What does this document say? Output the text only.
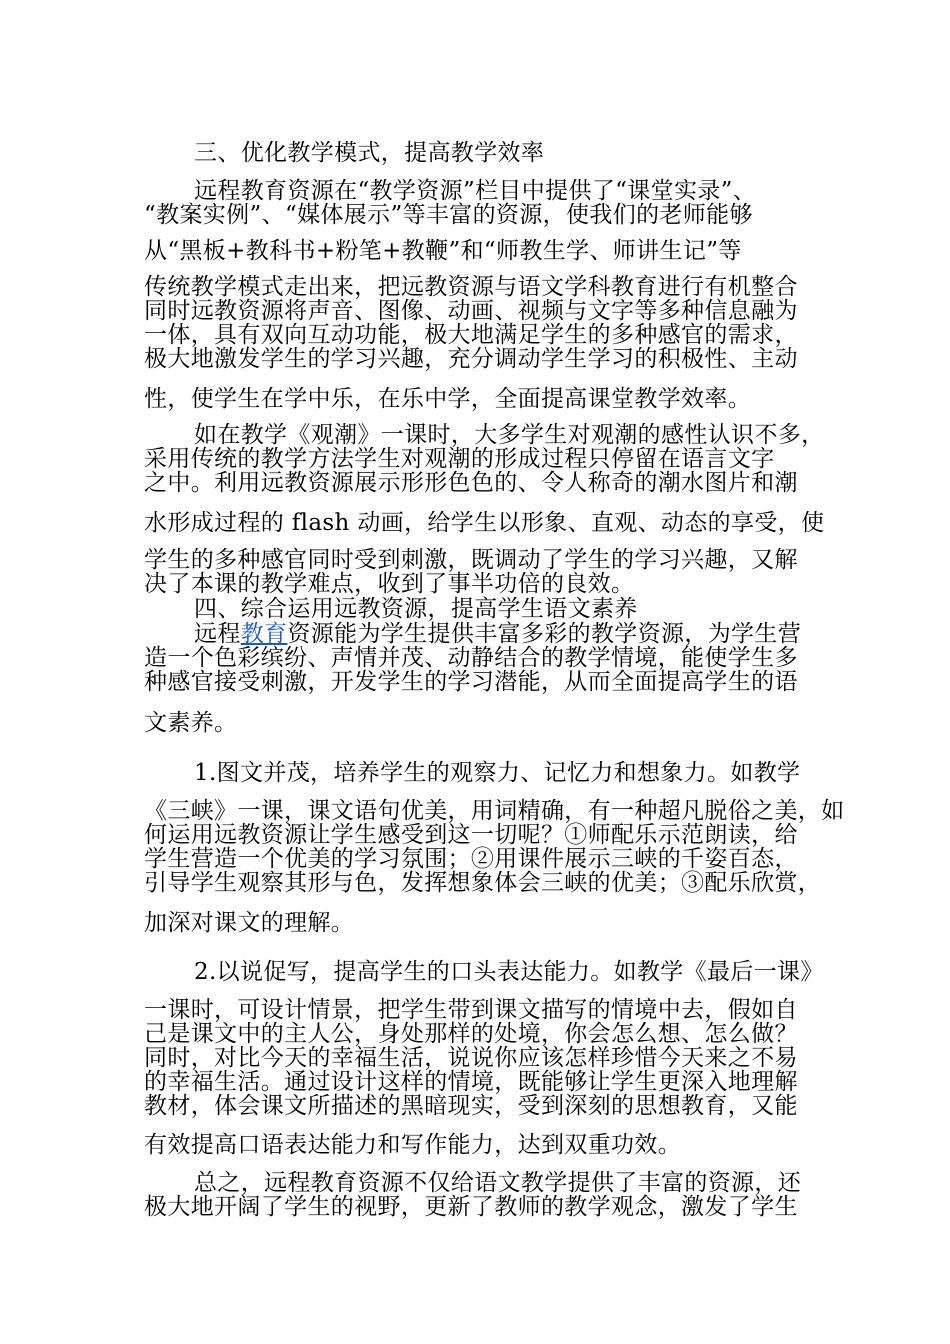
三、优化教学模式，提高教学效率
远程教育资源在“教学资源”栏目中提供了“课堂实录”、
“教案实例”、“媒体展示”等丰富的资源，使我们的老师能够
从“黑板+教科书+粉笔+教鞭”和“师教生学、师讲生记”等
传统教学模式走出来，把远教资源与语文学科教育进行有机整合
同时远教资源将声音、图像、动画、视频与文字等多种信息融为
一体，具有双向互动功能，极大地满足学生的多种感官的需求，
极大地激发学生的学习兴趣，充分调动学生学习的积极性、主动
性，使学生在学中乐，在乐中学，全面提高课堂教学效率。
如在教学《观潮》一课时，大多学生对观潮的感性认识不多，
采用传统的教学方法学生对观潮的形成过程只停留在语言文字
之中。利用远教资源展示形形色色的、令人称奇的潮水图片和潮
水形成过程的 flash 动画，给学生以形象、直观、动态的享受，使
学生的多种感官同时受到刺激，既调动了学生的学习兴趣，又解
决了本课的教学难点，收到了事半功倍的良效。
四、综合运用远教资源，提高学生语文素养
远程教育资源能为学生提供丰富多彩的教学资源，为学生营
造一个色彩缤纷、声情并茂、动静结合的教学情境，能使学生多
种感官接受刺激，开发学生的学习潜能，从而全面提高学生的语
文素养。
1.图文并茂，培养学生的观察力、记忆力和想象力。如教学
《三峡》一课，课文语句优美，用词精确，有一种超凡脱俗之美，如
何运用远教资源让学生感受到这一切呢？①师配乐示范朗读，给
学生营造一个优美的学习氛围；②用课件展示三峡的千姿百态，
引导学生观察其形与色，发挥想象体会三峡的优美；③配乐欣赏，
加深对课文的理解。
2.以说促写，提高学生的口头表达能力。如教学《最后一课》
一课时，可设计情景，把学生带到课文描写的情境中去，假如自
己是课文中的主人公，身处那样的处境，你会怎么想、怎么做？
同时，对比今天的幸福生活，说说你应该怎样珍惜今天来之不易
的幸福生活。通过设计这样的情境，既能够让学生更深入地理解
教材，体会课文所描述的黑暗现实，受到深刻的思想教育，又能
有效提高口语表达能力和写作能力，达到双重功效。
总之，远程教育资源不仅给语文教学提供了丰富的资源，还
极大地开阔了学生的视野，更新了教师的教学观念，激发了学生
